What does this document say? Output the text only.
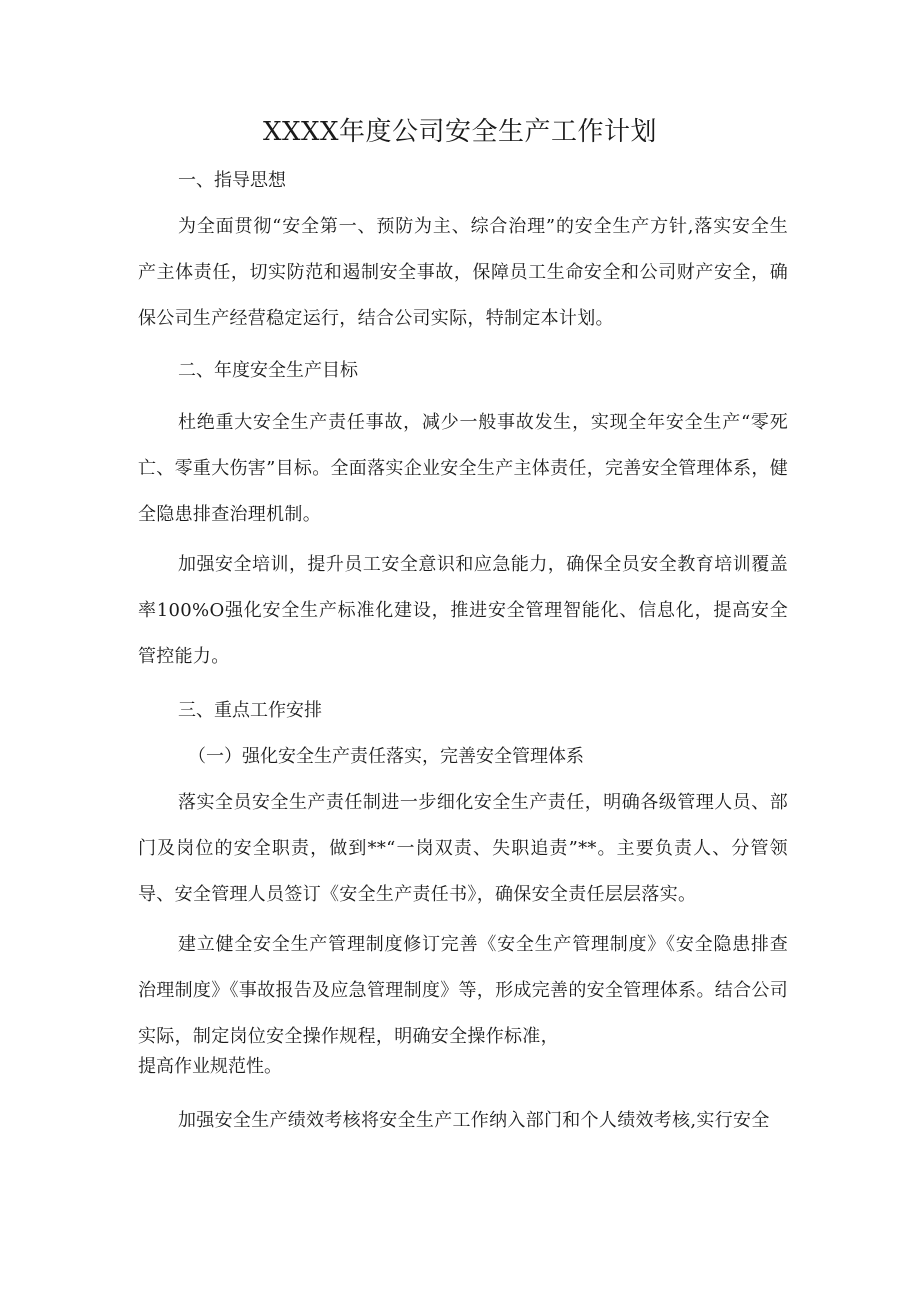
XXXX年度公司安全生产工作计划

一、指导思想

为全面贯彻“安全第一、预防为主、综合治理”的安全生产方针,落实安全生产主体责任，切实防范和遏制安全事故，保障员工生命安全和公司财产安全，确保公司生产经营稳定运行，结合公司实际，特制定本计划。

二、年度安全生产目标

杜绝重大安全生产责任事故，减少一般事故发生，实现全年安全生产“零死亡、零重大伤害”目标。全面落实企业安全生产主体责任，完善安全管理体系，健全隐患排查治理机制。

加强安全培训，提升员工安全意识和应急能力，确保全员安全教育培训覆盖率100%O强化安全生产标准化建设，推进安全管理智能化、信息化，提高安全管控能力。

三、重点工作安排

（一）强化安全生产责任落实，完善安全管理体系

落实全员安全生产责任制进一步细化安全生产责任，明确各级管理人员、部门及岗位的安全职责，做到**“一岗双责、失职追责”**。主要负责人、分管领导、安全管理人员签订《安全生产责任书》，确保安全责任层层落实。

建立健全安全生产管理制度修订完善《安全生产管理制度》《安全隐患排查治理制度》《事故报告及应急管理制度》等，形成完善的安全管理体系。结合公司实际，制定岗位安全操作规程，明确安全操作标准，

提高作业规范性。

加强安全生产绩效考核将安全生产工作纳入部门和个人绩效考核,实行安全
